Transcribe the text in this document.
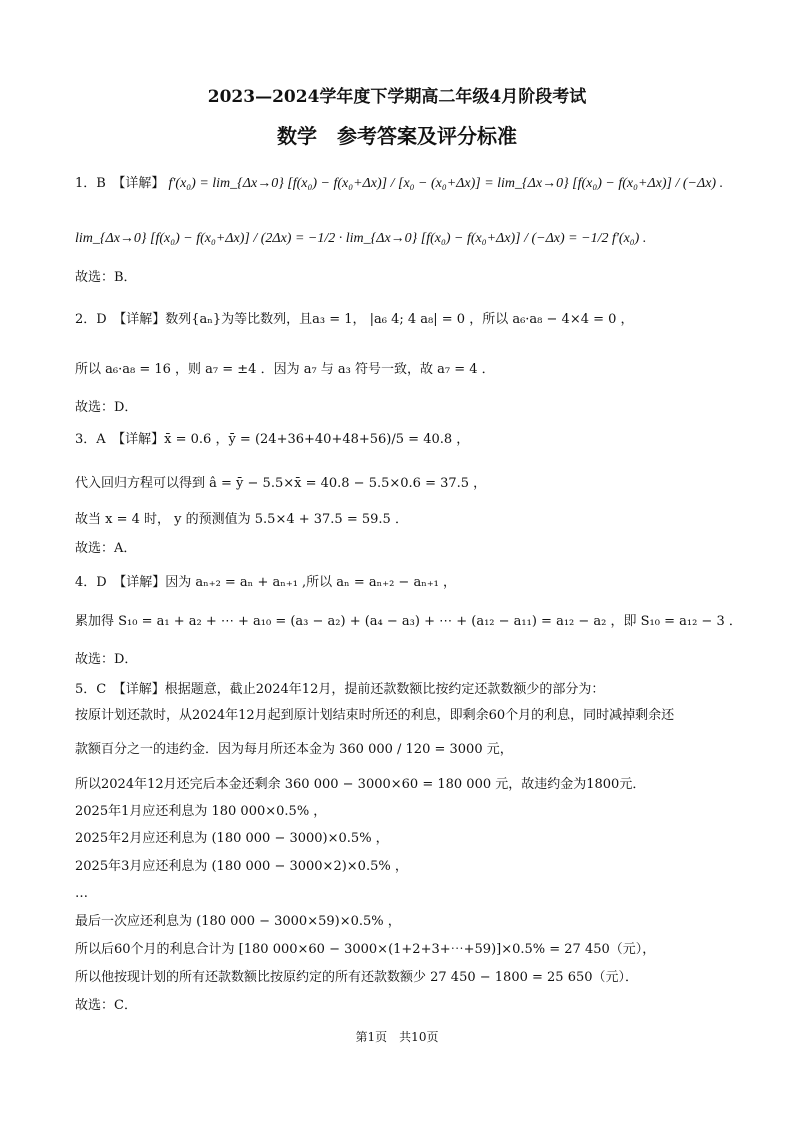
2023—2024学年度下学期高二年级4月阶段考试
数学　参考答案及评分标准
1．B　【详解】 f′(x₀) = lim_{Δx→0} [f(x₀) − f(x₀+Δx)] / [x₀ − (x₀+Δx)] = lim_{Δx→0} [f(x₀) − f(x₀+Δx)] / (−Δx) .
lim_{Δx→0} [f(x₀) − f(x₀+Δx)] / (2Δx) = −1/2 · lim_{Δx→0} [f(x₀) − f(x₀+Δx)] / (−Δx) = −1/2 f′(x₀) .
故选：B．
2．D　【详解】数列{aₙ}为等比数列，且a₃ = 1， |a₆ 4; 4 a₈| = 0 ，所以 a₆·a₈ − 4×4 = 0 ，
所以 a₆·a₈ = 16 ，则 a₇ = ±4 ．因为 a₇ 与 a₃ 符号一致，故 a₇ = 4 ．
故选：D．
3．A　【详解】x̄ = 0.6 ，ȳ = (24+36+40+48+56)/5 = 40.8 ，
代入回归方程可以得到 â = ȳ − 5.5×x̄ = 40.8 − 5.5×0.6 = 37.5 ，
故当 x = 4 时， y 的预测值为 5.5×4 + 37.5 = 59.5 ．
故选：A．
4．D　【详解】因为 aₙ₊₂ = aₙ + aₙ₊₁ ,所以 aₙ = aₙ₊₂ − aₙ₊₁ ，
累加得 S₁₀ = a₁ + a₂ + ⋯ + a₁₀ = (a₃ − a₂) + (a₄ − a₃) + ⋯ + (a₁₂ − a₁₁) = a₁₂ − a₂ ，即 S₁₀ = a₁₂ − 3 ．
故选：D．
5．C　【详解】根据题意，截止2024年12月，提前还款数额比按约定还款数额少的部分为：
按原计划还款时，从2024年12月起到原计划结束时所还的利息，即剩余60个月的利息，同时减掉剩余还
款额百分之一的违约金．因为每月所还本金为 360 000 / 120 = 3000 元，
所以2024年12月还完后本金还剩余 360 000 − 3000×60 = 180 000 元，故违约金为1800元．
2025年1月应还利息为 180 000×0.5% ，
2025年2月应还利息为 (180 000 − 3000)×0.5% ，
2025年3月应还利息为 (180 000 − 3000×2)×0.5% ，
…
最后一次应还利息为 (180 000 − 3000×59)×0.5% ，
所以后60个月的利息合计为 [180 000×60 − 3000×(1+2+3+⋯+59)]×0.5% = 27 450（元），
所以他按现计划的所有还款数额比按原约定的所有还款数额少 27 450 − 1800 = 25 650（元）．
故选：C．
第1页　共10页
